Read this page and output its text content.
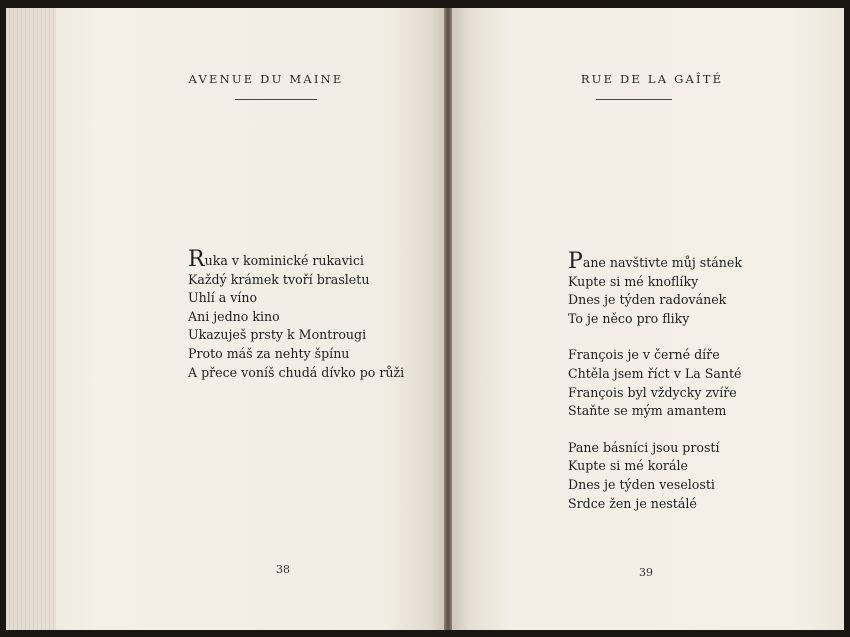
AVENUE DU MAINE
Ruka v kominické rukavici
Každý krámek tvoří brasletu
Uhlí a víno
Ani jedno kino
Ukazuješ prsty k Montrougi
Proto máš za nehty špínu
A přece voníš chudá dívko po růži
38
RUE DE LA GAÎTÉ
Pane navštivte můj stánek
Kupte si mé knoflíky
Dnes je týden radovánek
To je něco pro fliky
François je v černé díře
Chtěla jsem říct v La Santé
François byl vždycky zvíře
Staňte se mým amantem
Pane básníci jsou prostí
Kupte si mé korále
Dnes je týden veselosti
Srdce žen je nestálé
39
